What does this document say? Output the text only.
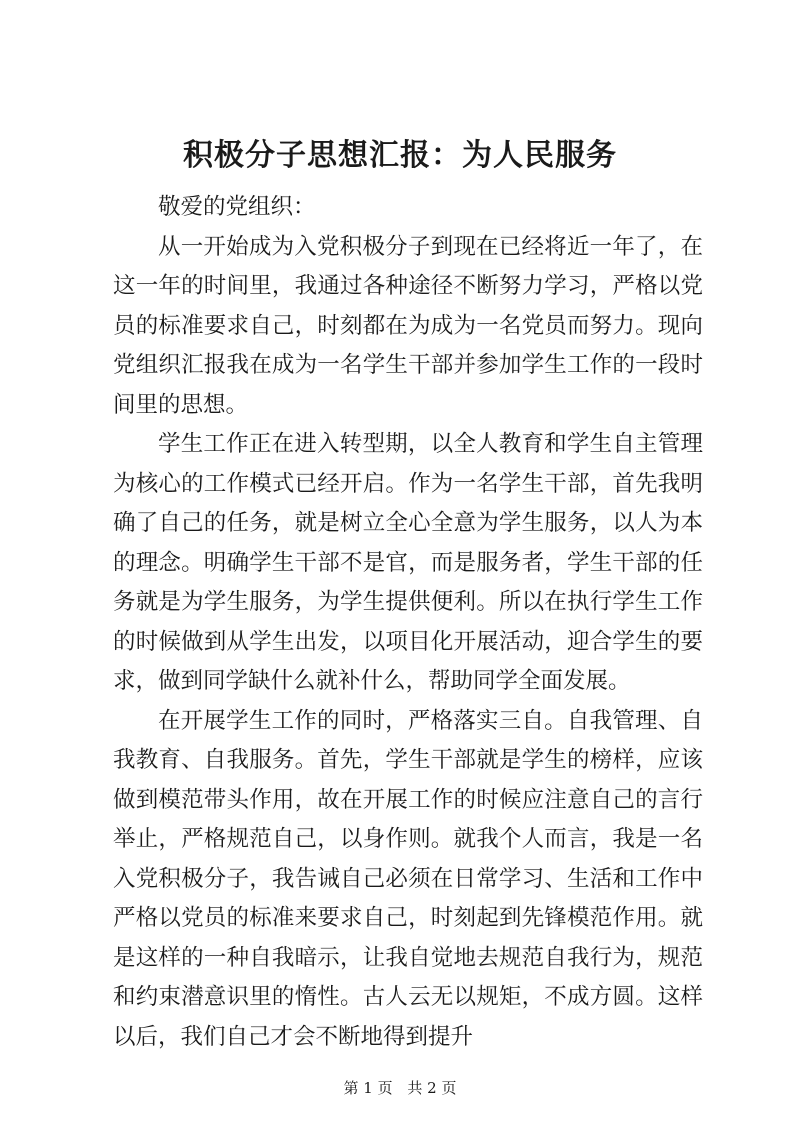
积极分子思想汇报：为人民服务

敬爱的党组织：

从一开始成为入党积极分子到现在已经将近一年了，在这一年的时间里，我通过各种途径不断努力学习，严格以党员的标准要求自己，时刻都在为成为一名党员而努力。现向党组织汇报我在成为一名学生干部并参加学生工作的一段时间里的思想。

学生工作正在进入转型期，以全人教育和学生自主管理为核心的工作模式已经开启。作为一名学生干部，首先我明确了自己的任务，就是树立全心全意为学生服务，以人为本的理念。明确学生干部不是官，而是服务者，学生干部的任务就是为学生服务，为学生提供便利。所以在执行学生工作的时候做到从学生出发，以项目化开展活动，迎合学生的要求，做到同学缺什么就补什么，帮助同学全面发展。

在开展学生工作的同时，严格落实三自。自我管理、自我教育、自我服务。首先，学生干部就是学生的榜样，应该做到模范带头作用，故在开展工作的时候应注意自己的言行举止，严格规范自己，以身作则。就我个人而言，我是一名入党积极分子，我告诫自己必须在日常学习、生活和工作中严格以党员的标准来要求自己，时刻起到先锋模范作用。就是这样的一种自我暗示，让我自觉地去规范自我行为，规范和约束潜意识里的惰性。古人云无以规矩，不成方圆。这样以后，我们自己才会不断地得到提升

第 1 页 共 2 页
